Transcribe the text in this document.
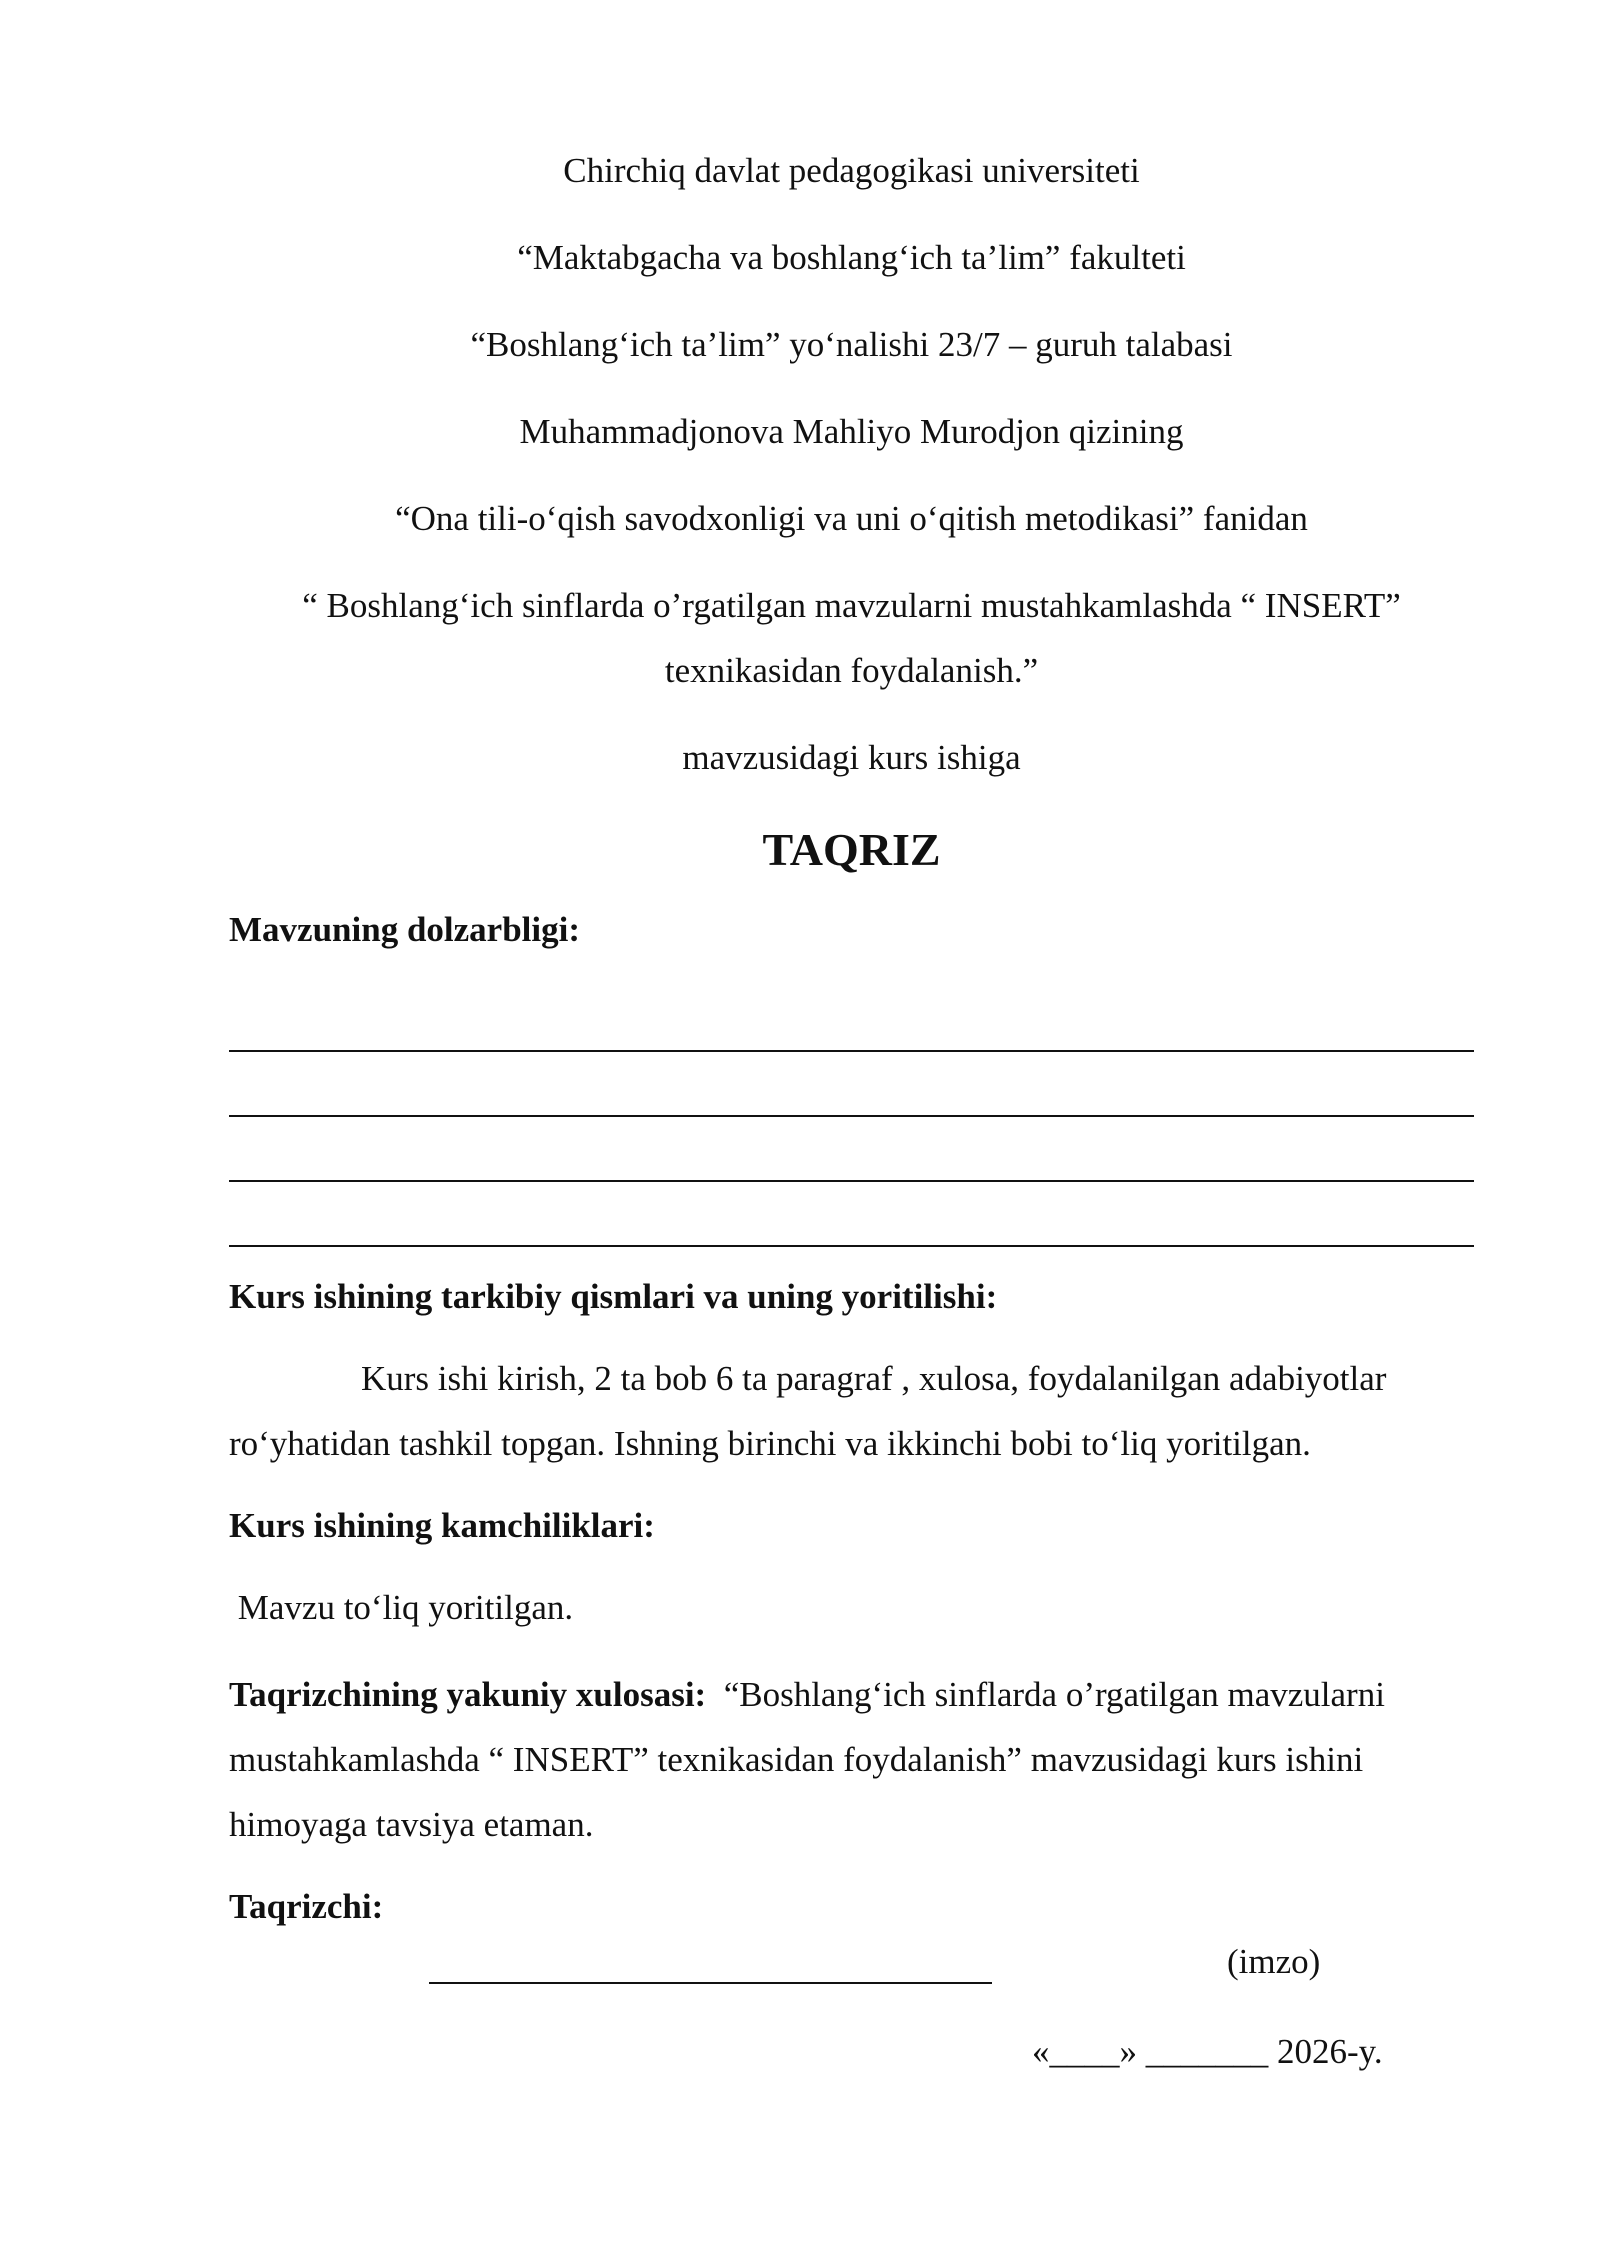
Chirchiq davlat pedagogikasi universiteti

“Maktabgacha va boshlang‘ich ta’lim” fakulteti

“Boshlang‘ich ta’lim” yo‘nalishi 23/7 – guruh talabasi

Muhammadjonova Mahliyo Murodjon qizining

“Ona tili-o‘qish savodxonligi va uni o‘qitish metodikasi” fanidan

“ Boshlang‘ich sinflarda o’rgatilgan mavzularni mustahkamlashda “ INSERT”
texnikasidan foydalanish.”

mavzusidagi kurs ishiga

TAQRIZ

Mavzuning dolzarbligi:

Kurs ishining tarkibiy qismlari va uning yoritilishi:

Kurs ishi kirish, 2 ta bob 6 ta paragraf , xulosa, foydalanilgan adabiyotlar ro‘yhatidan tashkil topgan. Ishning birinchi va ikkinchi bobi to‘liq yoritilgan.

Kurs ishining kamchiliklari:

Mavzu to‘liq yoritilgan.

Taqrizchining yakuniy xulosasi:  “Boshlang‘ich sinflarda o’rgatilgan mavzularni mustahkamlashda “ INSERT” texnikasidan foydalanish” mavzusidagi kurs ishini himoyaga tavsiya etaman.

Taqrizchi:

(imzo)
«____» _______ 2026-y.
